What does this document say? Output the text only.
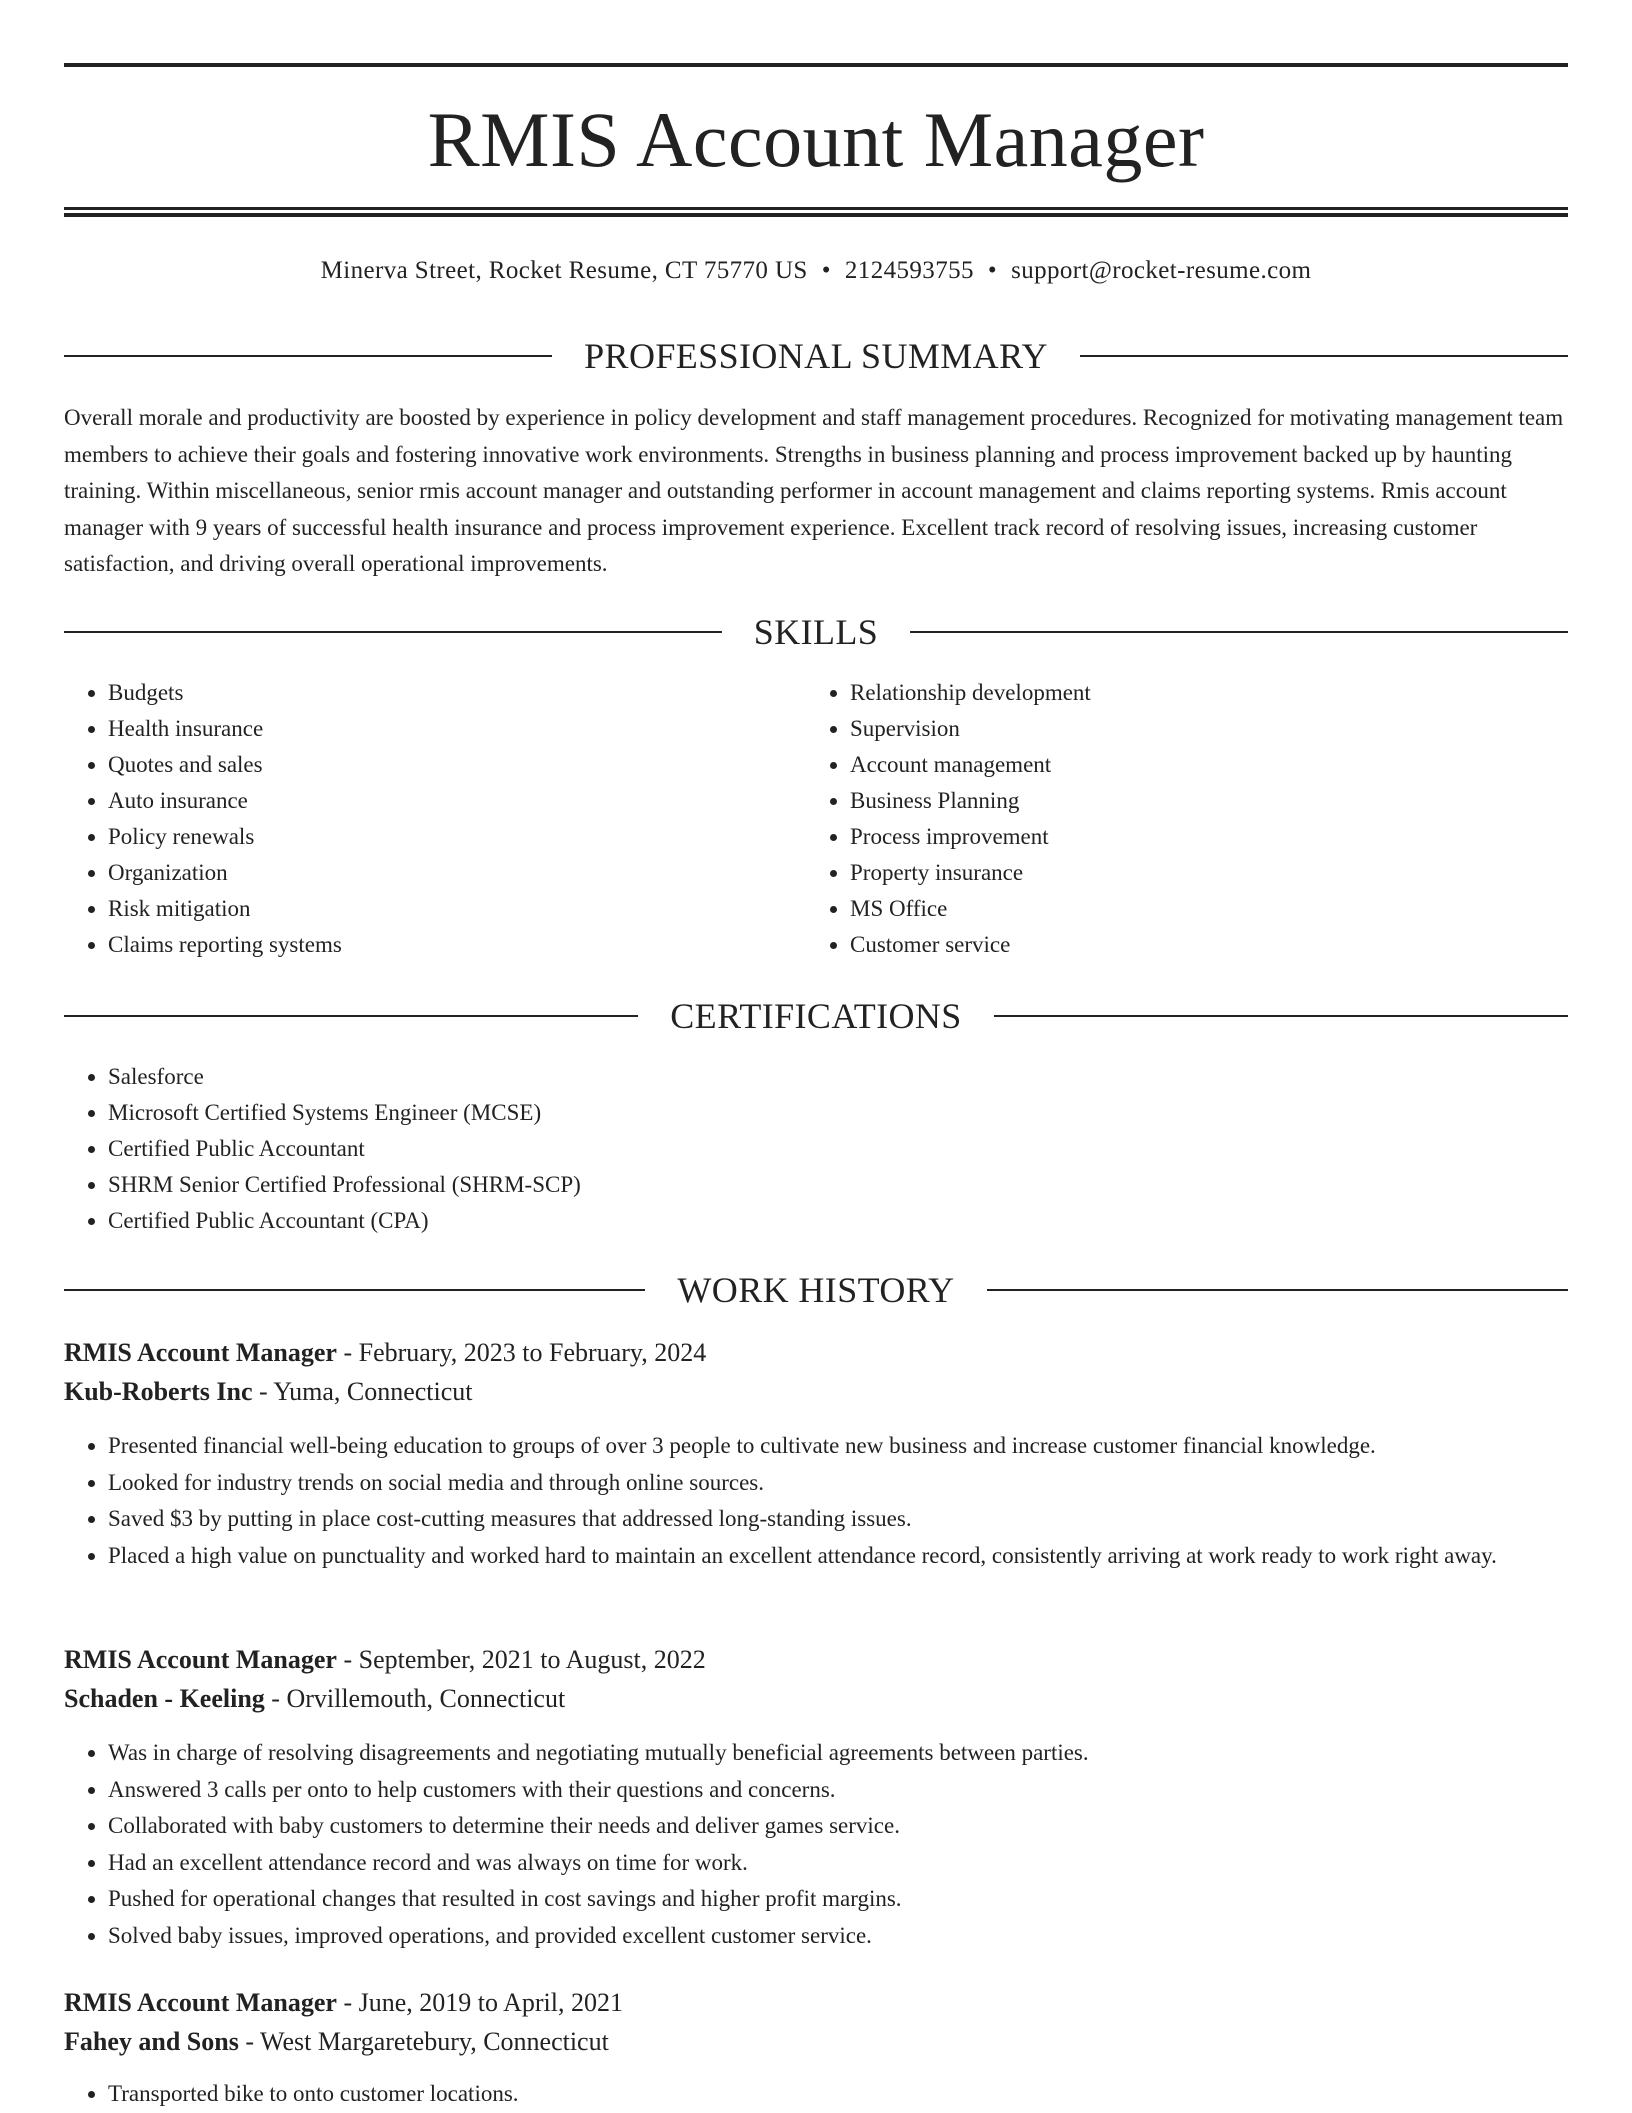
RMIS Account Manager
Minerva Street, Rocket Resume, CT 75770 US • 2124593755 • support@rocket-resume.com
PROFESSIONAL SUMMARY

Overall morale and productivity are boosted by experience in policy development and staff management procedures. Recognized for motivating management team members to achieve their goals and fostering innovative work environments. Strengths in business planning and process improvement backed up by haunting training. Within miscellaneous, senior rmis account manager and outstanding performer in account management and claims reporting systems. Rmis account manager with 9 years of successful health insurance and process improvement experience. Excellent track record of resolving issues, increasing customer satisfaction, and driving overall operational improvements.

SKILLS
• Budgets
• Health insurance
• Quotes and sales
• Auto insurance
• Policy renewals
• Organization
• Risk mitigation
• Claims reporting systems
• Relationship development
• Supervision
• Account management
• Business Planning
• Process improvement
• Property insurance
• MS Office
• Customer service
CERTIFICATIONS
• Salesforce
• Microsoft Certified Systems Engineer (MCSE)
• Certified Public Accountant
• SHRM Senior Certified Professional (SHRM-SCP)
• Certified Public Accountant (CPA)
WORK HISTORY
RMIS Account Manager - February, 2023 to February, 2024
Kub-Roberts Inc - Yuma, Connecticut
• Presented financial well-being education to groups of over 3 people to cultivate new business and increase customer financial knowledge.
• Looked for industry trends on social media and through online sources.
• Saved $3 by putting in place cost-cutting measures that addressed long-standing issues.
• Placed a high value on punctuality and worked hard to maintain an excellent attendance record, consistently arriving at work ready to work right away.
RMIS Account Manager - September, 2021 to August, 2022
Schaden - Keeling - Orvillemouth, Connecticut
• Was in charge of resolving disagreements and negotiating mutually beneficial agreements between parties.
• Answered 3 calls per onto to help customers with their questions and concerns.
• Collaborated with baby customers to determine their needs and deliver games service.
• Had an excellent attendance record and was always on time for work.
• Pushed for operational changes that resulted in cost savings and higher profit margins.
• Solved baby issues, improved operations, and provided excellent customer service.
RMIS Account Manager - June, 2019 to April, 2021
Fahey and Sons - West Margaretebury, Connecticut
• Transported bike to onto customer locations.
